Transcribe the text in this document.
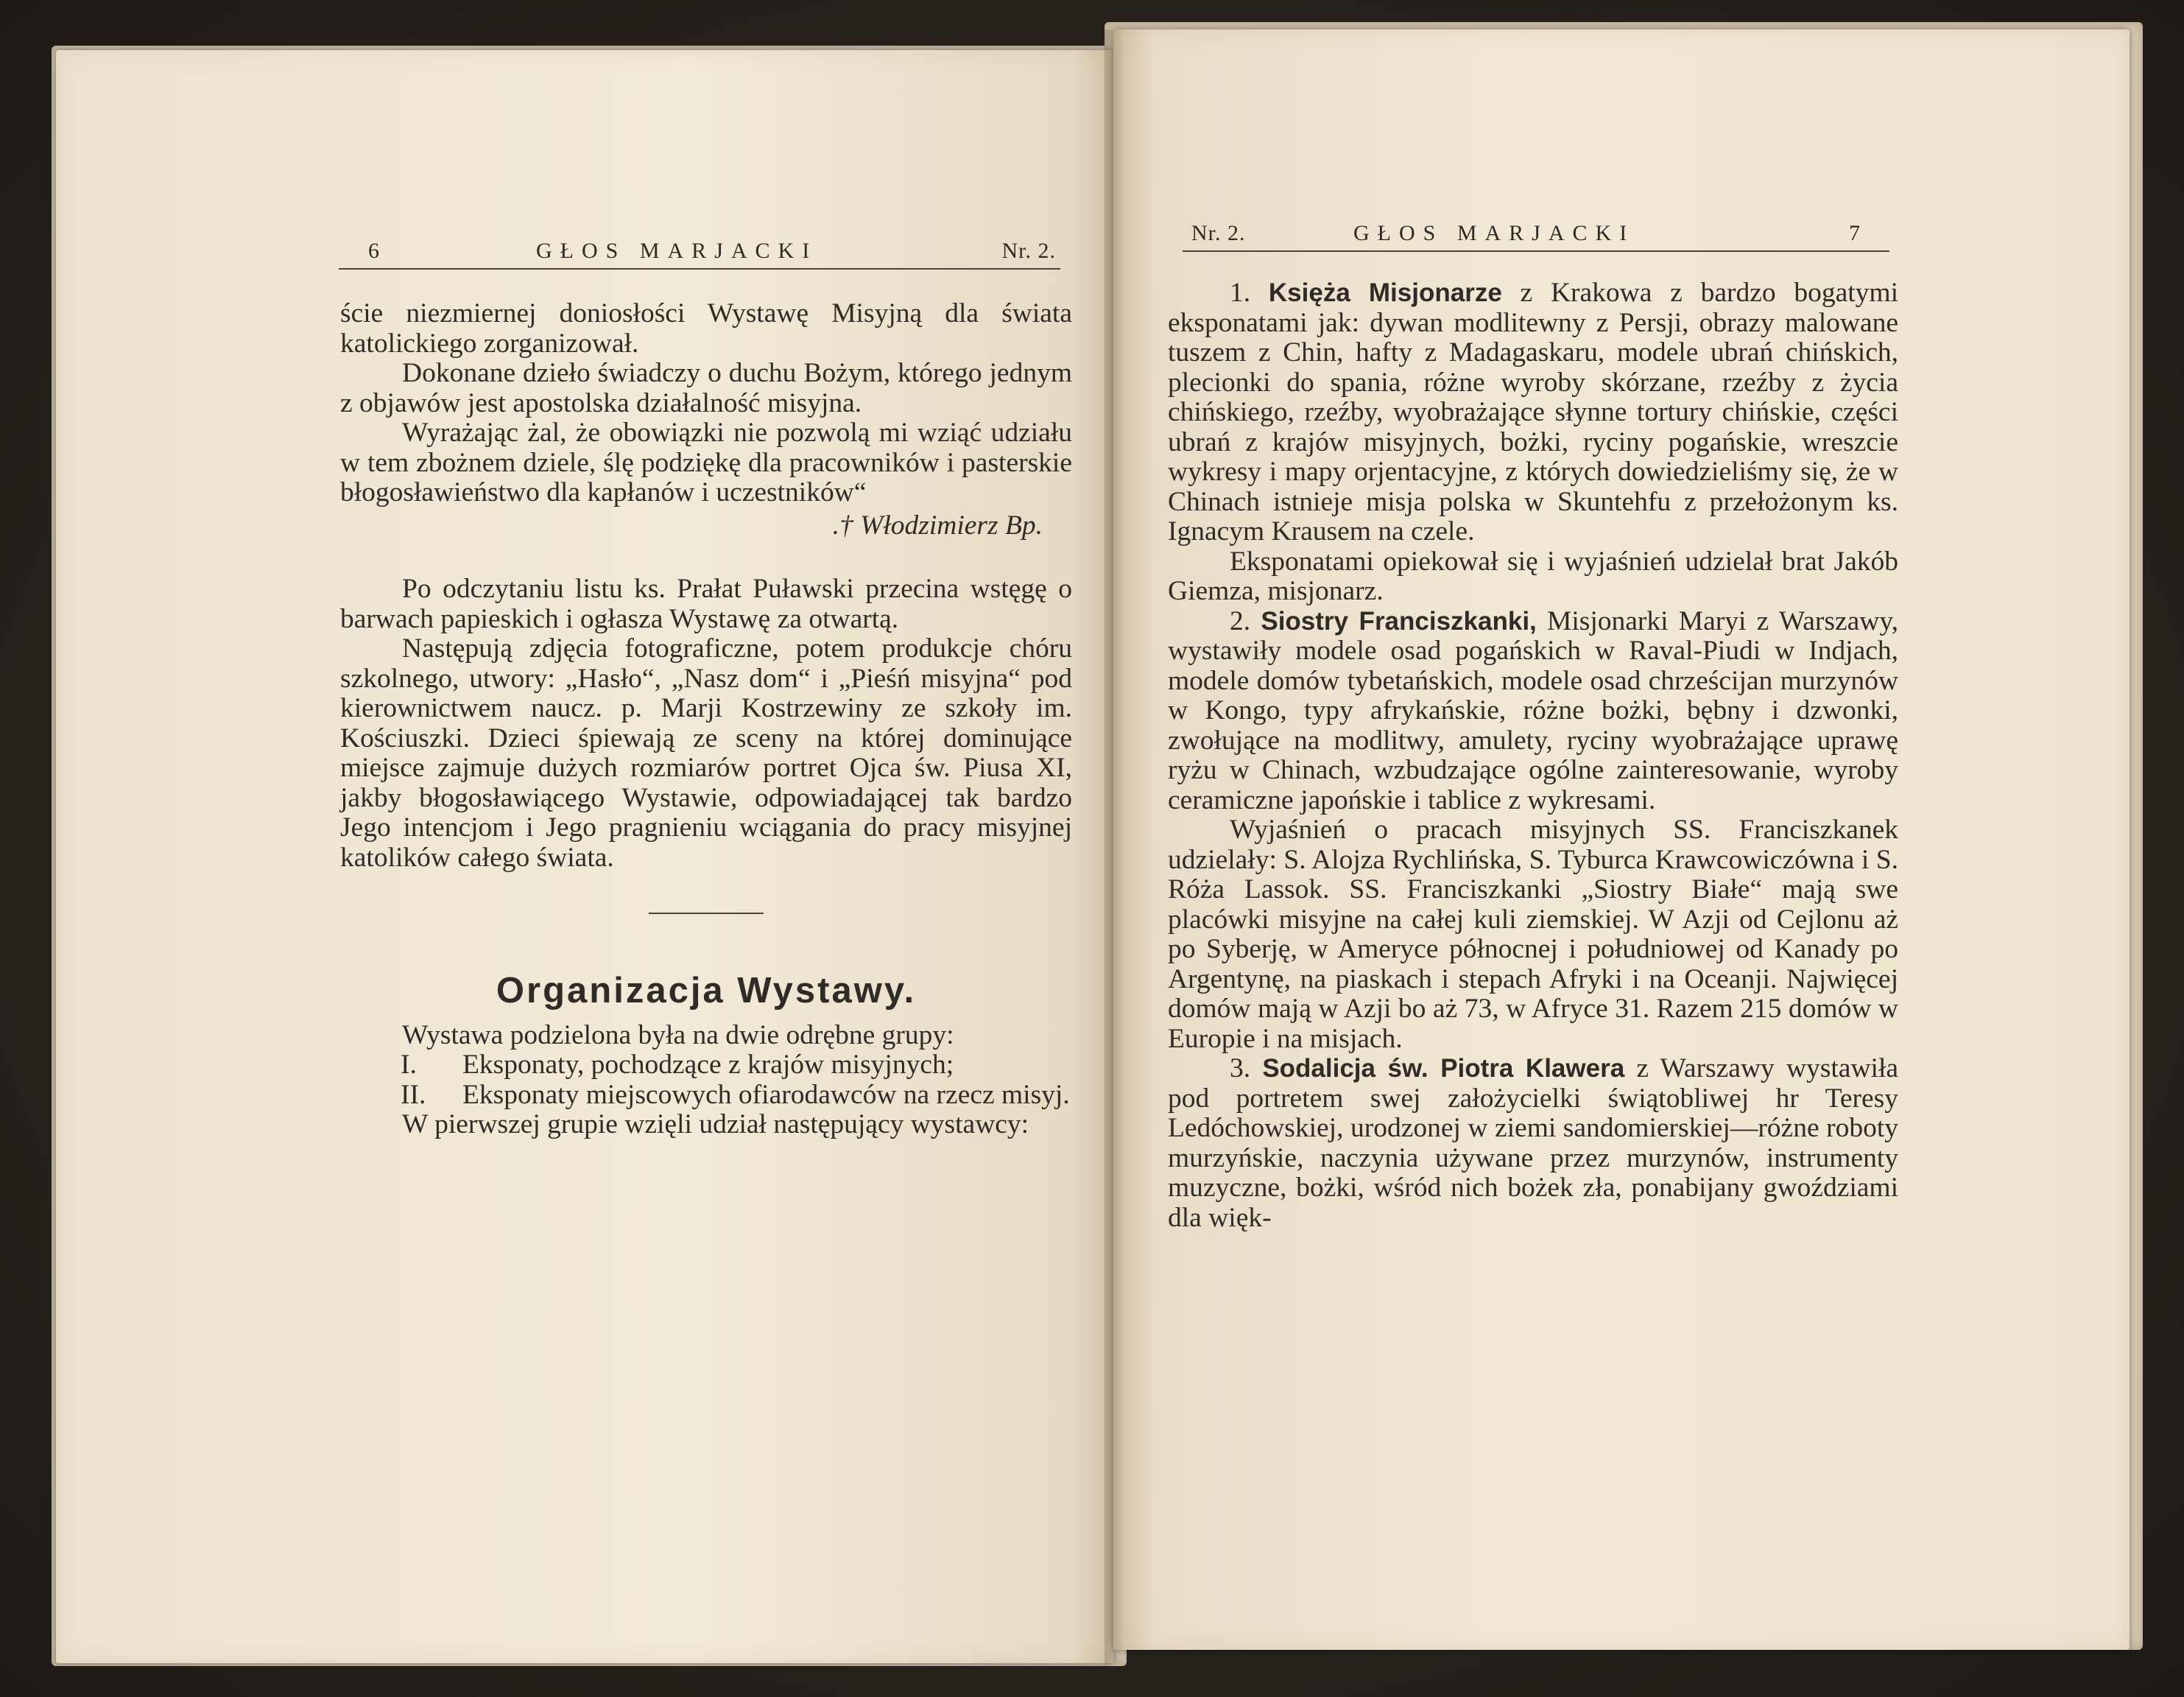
6	GŁOS MARJACKI	Nr. 2.

ście niezmiernej doniosłości Wystawę Misyjną dla świata katolickiego zorganizował.

Dokonane dzieło świadczy o duchu Bożym, którego jednym z objawów jest apostolska działalność misyjna.

Wyrażając żal, że obowiązki nie pozwolą mi wziąć udziału w tem zbożnem dziele, ślę podziękę dla pracowników i pasterskie błogosławieństwo dla kapłanów i uczestników“

.† Włodzimierz Bp.

Po odczytaniu listu ks. Prałat Puławski przecina wstęgę o barwach papieskich i ogłasza Wystawę za otwartą.

Następują zdjęcia fotograficzne, potem produkcje chóru szkolnego, utwory: „Hasło“, „Nasz dom“ i „Pieśń misyjna“ pod kierownictwem naucz. p. Marji Kostrzewiny ze szkoły im. Kościuszki. Dzieci śpiewają ze sceny na której dominujące miejsce zajmuje dużych rozmiarów portret Ojca św. Piusa XI, jakby błogosławiącego Wystawie, odpowiadającej tak bardzo Jego intencjom i Jego pragnieniu wciągania do pracy misyjnej katolików całego świata.

Organizacja Wystawy.

Wystawa podzielona była na dwie odrębne grupy:

I. Eksponaty, pochodzące z krajów misyjnych;
II. Eksponaty miejscowych ofiarodawców na rzecz misyj.

W pierwszej grupie wzięli udział następujący wystawcy:

Nr. 2.	GŁOS MARJACKI	7

1. Księża Misjonarze z Krakowa z bardzo bogatymi eksponatami jak: dywan modlitewny z Persji, obrazy malowane tuszem z Chin, hafty z Madagaskaru, modele ubrań chińskich, plecionki do spania, różne wyroby skórzane, rzeźby z życia chińskiego, rzeźby, wyobrażające słynne tortury chińskie, części ubrań z krajów misyjnych, bożki, ryciny pogańskie, wreszcie wykresy i mapy orjentacyjne, z których dowiedzieliśmy się, że w Chinach istnieje misja polska w Skuntehfu z przełożonym ks. Ignacym Krausem na czele.

Eksponatami opiekował się i wyjaśnień udzielał brat Jakób Giemza, misjonarz.

2. Siostry Franciszkanki, Misjonarki Maryi z Warszawy, wystawiły modele osad pogańskich w Raval-Piudi w Indjach, modele domów tybetańskich, modele osad chrześcijan murzynów w Kongo, typy afrykańskie, różne bożki, bębny i dzwonki, zwołujące na modlitwy, amulety, ryciny wyobrażające uprawę ryżu w Chinach, wzbudzające ogólne zainteresowanie, wyroby ceramiczne japońskie i tablice z wykresami.

Wyjaśnień o pracach misyjnych SS. Franciszkanek udzielały: S. Alojza Rychlińska, S. Tyburca Krawcowiczówna i S. Róża Lassok. SS. Franciszkanki „Siostry Białe“ mają swe placówki misyjne na całej kuli ziemskiej. W Azji od Cejlonu aż po Syberję, w Ameryce północnej i południowej od Kanady po Argentynę, na piaskach i stepach Afryki i na Oceanji. Najwięcej domów mają w Azji bo aż 73, w Afryce 31. Razem 215 domów w Europie i na misjach.

3. Sodalicja św. Piotra Klawera z Warszawy wystawiła pod portretem swej założycielki świątobliwej hr Teresy Ledóchowskiej, urodzonej w ziemi sandomierskiej—różne roboty murzyńskie, naczynia używane przez murzynów, instrumenty muzyczne, bożki, wśród nich bożek zła, ponabijany gwoździami dla więk-
